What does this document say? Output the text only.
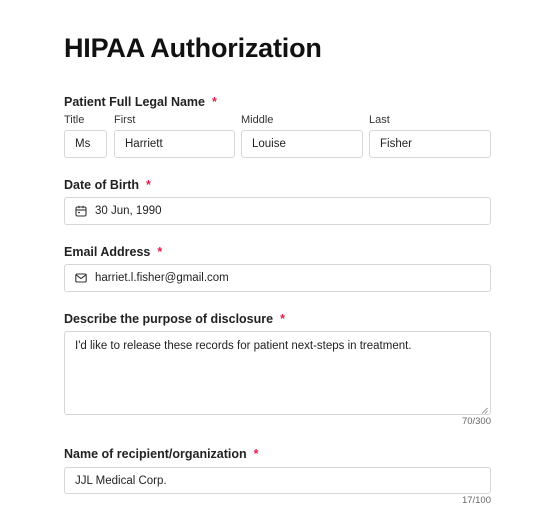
HIPAA Authorization
Patient Full Legal Name *
Title	First	Middle	Last
Ms	Harriett	Louise	Fisher
Date of Birth *
30 Jun, 1990
Email Address *
harriet.l.fisher@gmail.com
Describe the purpose of disclosure *
I'd like to release these records for patient next-steps in treatment.
70/300
Name of recipient/organization *
JJL Medical Corp.
17/100
